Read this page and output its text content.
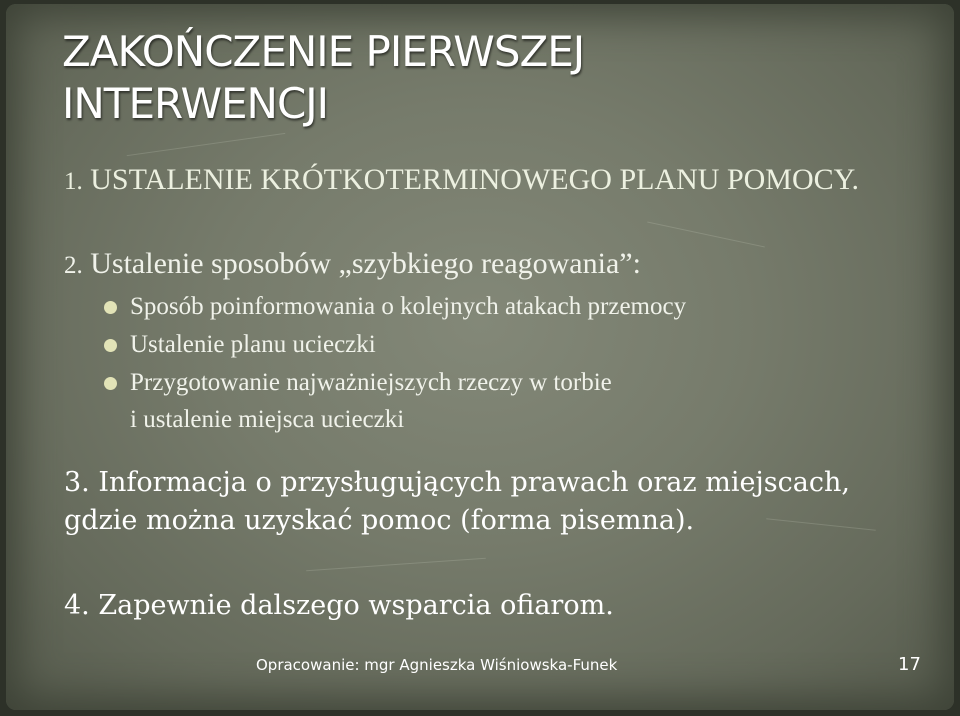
ZAKOŃCZENIE PIERWSZEJ INTERWENCJI
1. USTALENIE KRÓTKOTERMINOWEGO PLANU POMOCY.
2. Ustalenie sposobów „szybkiego reagowania”:
Sposób poinformowania o kolejnych atakach przemocy
Ustalenie planu ucieczki
Przygotowanie najważniejszych rzeczy w torbie
i ustalenie miejsca ucieczki
3. Informacja o przysługujących prawach oraz miejscach, gdzie można uzyskać pomoc (forma pisemna).
4. Zapewnie dalszego wsparcia ofiarom.
Opracowanie: mgr Agnieszka Wiśniowska-Funek	17
